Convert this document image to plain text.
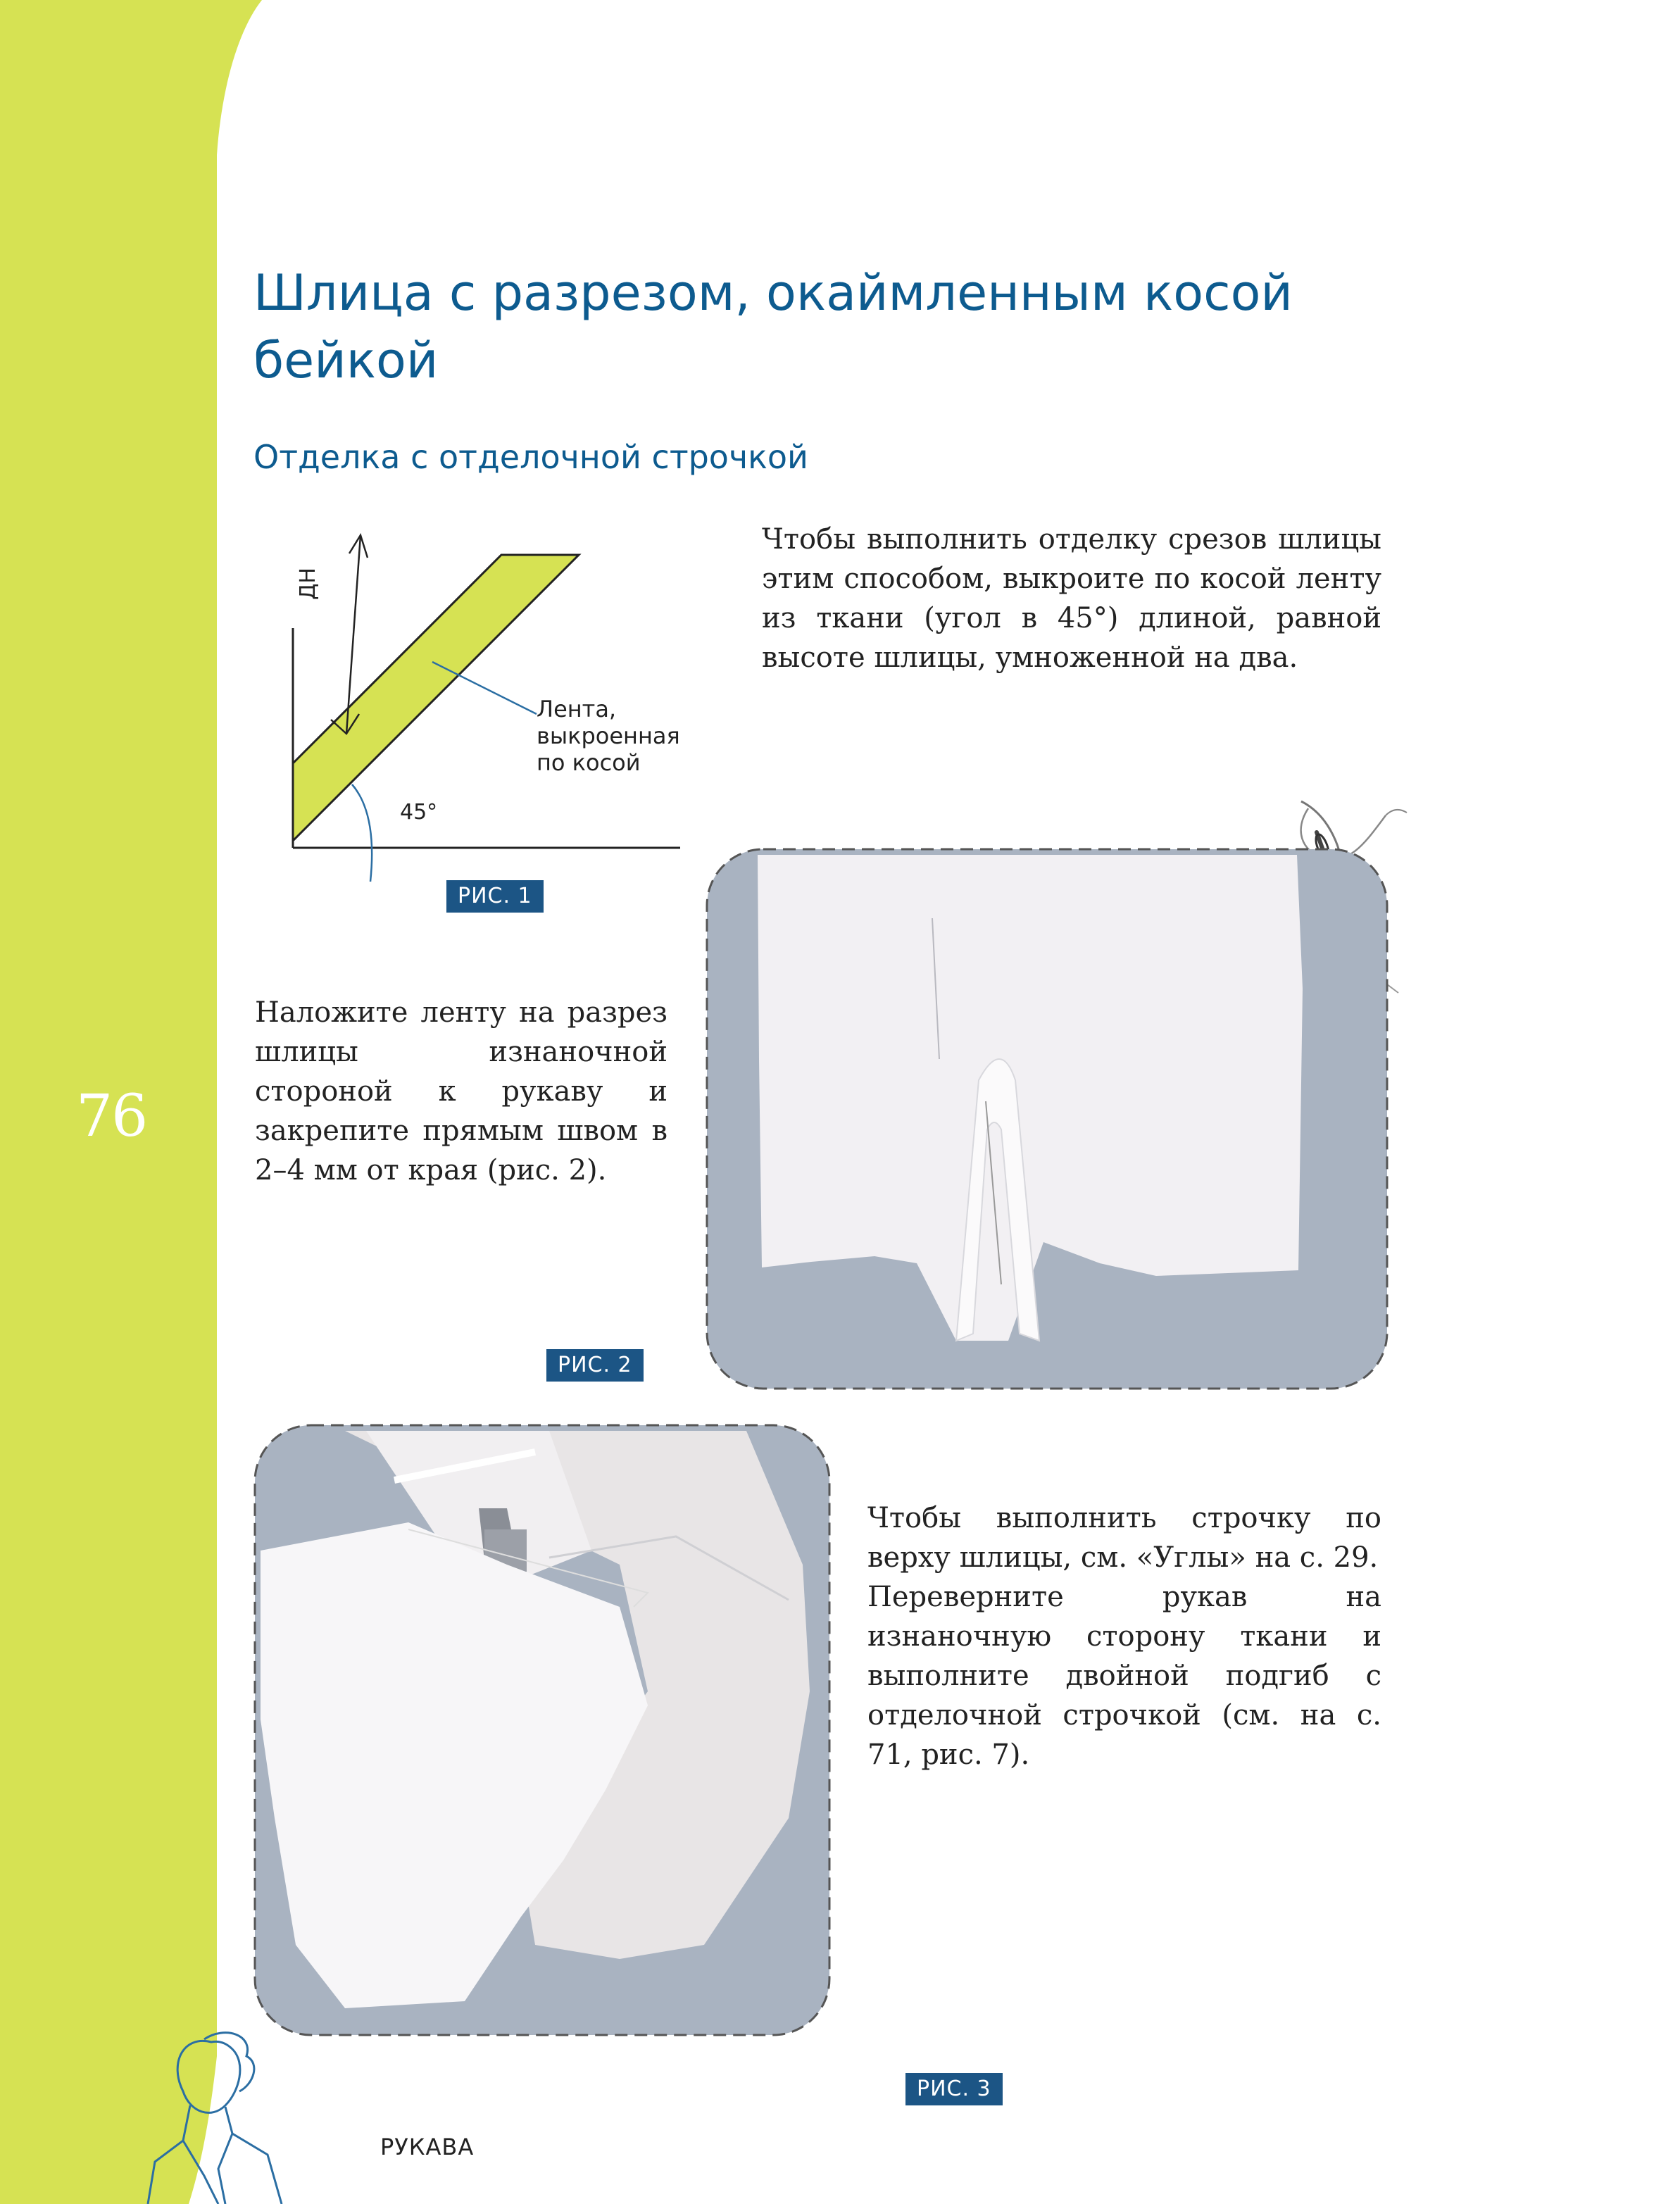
76
Шлица с разрезом, окаймленным косой бейкой
Отделка с отделочной строчкой
ДН
45°

Лента,
выкроенная
по косой

РИС. 1

Чтобы выполнить отделку срезов шлицы этим способом, выкроите по косой ленту из ткани (угол в 45°) длиной, равной высоте шлицы, умноженной на два.

РИС. 2

Наложите ленту на разрез шлицы изнаночной стороной к рукаву и закрепите прямым швом в 2–4 мм от края (рис. 2).

Чтобы выполнить строчку по верху шлицы, см. «Углы» на с. 29.
Переверните рукав на изнаночную сторону ткани и выполните двойной подгиб с отделочной строчкой (см. на с. 71, рис. 7).

РИС. 3
РУКАВА
